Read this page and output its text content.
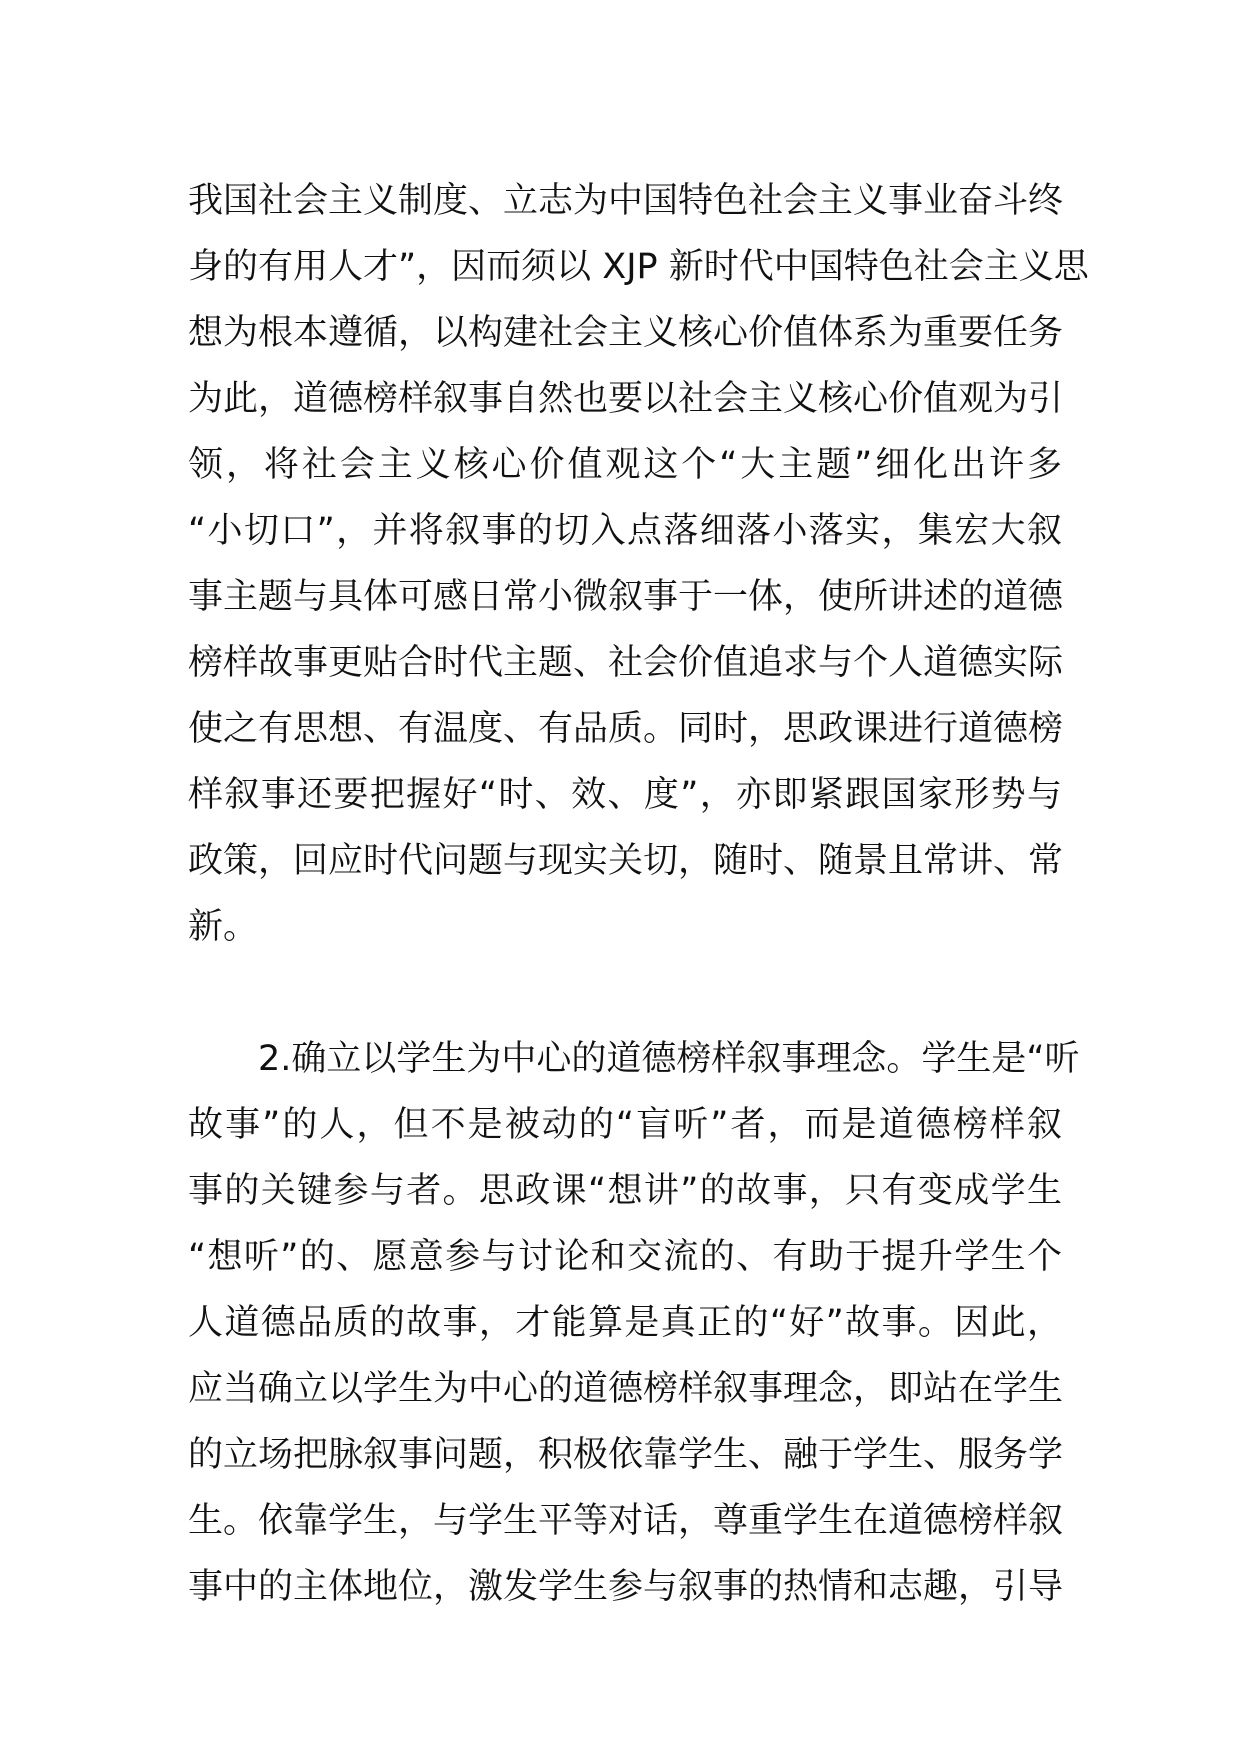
我国社会主义制度、立志为中国特色社会主义事业奋斗终
身的有用人才”，因而须以 XJP 新时代中国特色社会主义思
想为根本遵循，以构建社会主义核心价值体系为重要任务
为此，道德榜样叙事自然也要以社会主义核心价值观为引
领，将社会主义核心价值观这个“大主题”细化出许多
“小切口”，并将叙事的切入点落细落小落实，集宏大叙
事主题与具体可感日常小微叙事于一体，使所讲述的道德
榜样故事更贴合时代主题、社会价值追求与个人道德实际
使之有思想、有温度、有品质。同时，思政课进行道德榜
样叙事还要把握好“时、效、度”，亦即紧跟国家形势与
政策，回应时代问题与现实关切，随时、随景且常讲、常
新。
　　2.确立以学生为中心的道德榜样叙事理念。学生是“听
故事”的人，但不是被动的“盲听”者，而是道德榜样叙
事的关键参与者。思政课“想讲”的故事，只有变成学生
“想听”的、愿意参与讨论和交流的、有助于提升学生个
人道德品质的故事，才能算是真正的“好”故事。因此，
应当确立以学生为中心的道德榜样叙事理念，即站在学生
的立场把脉叙事问题，积极依靠学生、融于学生、服务学
生。依靠学生，与学生平等对话，尊重学生在道德榜样叙
事中的主体地位，激发学生参与叙事的热情和志趣，引导
